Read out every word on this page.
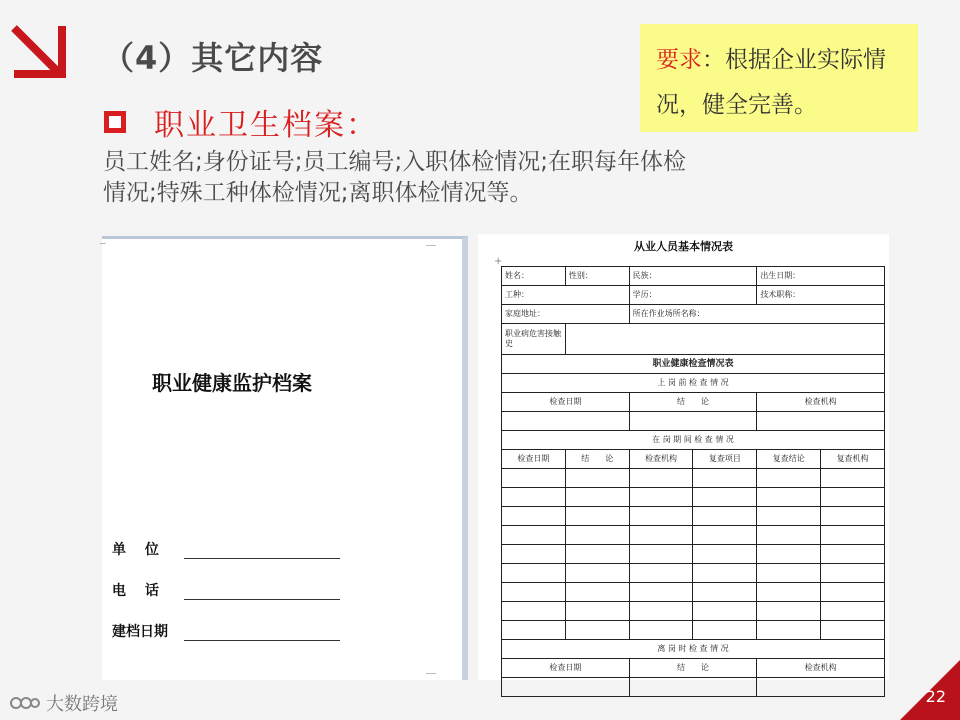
（4）其它内容	要求：根据企业实际情况，健全完善。
职业卫生档案：
员工姓名;身份证号;员工编号;入职体检情况;在职每年体检情况;特殊工种体检情况;离职体检情况等。
职业健康监护档案
单　 位
电　 话
建档日期
+
从业人员基本情况表
姓名：	性别：	民族：		出生日期：	
工种：		学历：		技术职称：	
家庭地址：		所在作业场所名称：			
职业病危害接触史					
职业健康检查情况表					
上 岗 前 检 查 情 况					
检查日期		结　　论		检查机构	

在 岗 期 间 检 查 情 况					
检查日期	结　　论	检查机构	复查项目	复查结论	复查机构

离 岗 时 检 查 情 况					
检查日期		结　　论		检查机构	

大数跨境	22
